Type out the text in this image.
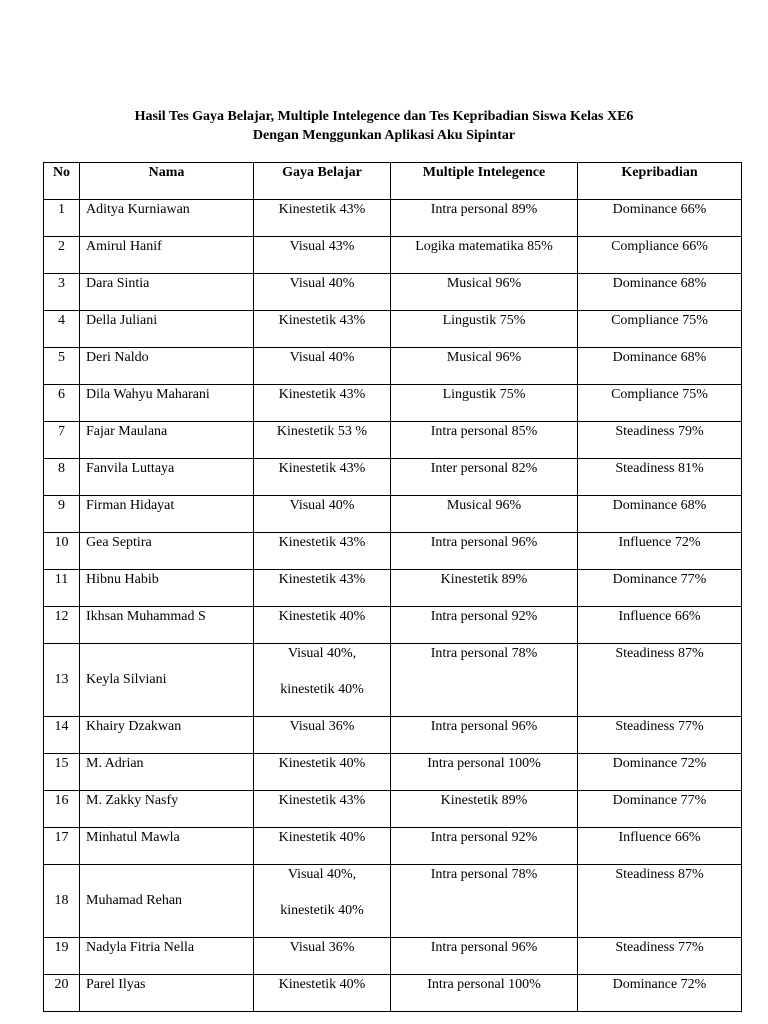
Hasil Tes Gaya Belajar, Multiple Intelegence dan Tes Kepribadian Siswa Kelas XE6
Dengan Menggunkan Aplikasi Aku Sipintar
No	Nama	Gaya Belajar	Multiple Intelegence	Kepribadian
1	Aditya Kurniawan	Kinestetik 43%	Intra personal 89%	Dominance 66%
2	Amirul Hanif	Visual 43%	Logika matematika 85%	Compliance 66%
3	Dara Sintia	Visual 40%	Musical 96%	Dominance 68%
4	Della Juliani	Kinestetik 43%	Lingustik 75%	Compliance 75%
5	Deri Naldo	Visual 40%	Musical 96%	Dominance 68%
6	Dila Wahyu Maharani	Kinestetik 43%	Lingustik 75%	Compliance 75%
7	Fajar Maulana	Kinestetik 53 %	Intra personal 85%	Steadiness 79%
8	Fanvila Luttaya	Kinestetik 43%	Inter personal 82%	Steadiness 81%
9	Firman Hidayat	Visual 40%	Musical 96%	Dominance 68%
10	Gea Septira	Kinestetik 43%	Intra personal 96%	Influence 72%
11	Hibnu Habib	Kinestetik 43%	Kinestetik 89%	Dominance 77%
12	Ikhsan Muhammad S	Kinestetik 40%	Intra personal 92%	Influence 66%
13	Keyla Silviani	Visual 40%,
kinestetik 40%	Intra personal 78%	Steadiness 87%
14	Khairy Dzakwan	Visual 36%	Intra personal 96%	Steadiness 77%
15	M. Adrian	Kinestetik 40%	Intra personal 100%	Dominance 72%
16	M. Zakky Nasfy	Kinestetik 43%	Kinestetik 89%	Dominance 77%
17	Minhatul Mawla	Kinestetik 40%	Intra personal 92%	Influence 66%
18	Muhamad Rehan	Visual 40%,
kinestetik 40%	Intra personal 78%	Steadiness 87%
19	Nadyla Fitria Nella	Visual 36%	Intra personal 96%	Steadiness 77%
20	Parel Ilyas	Kinestetik 40%	Intra personal 100%	Dominance 72%
